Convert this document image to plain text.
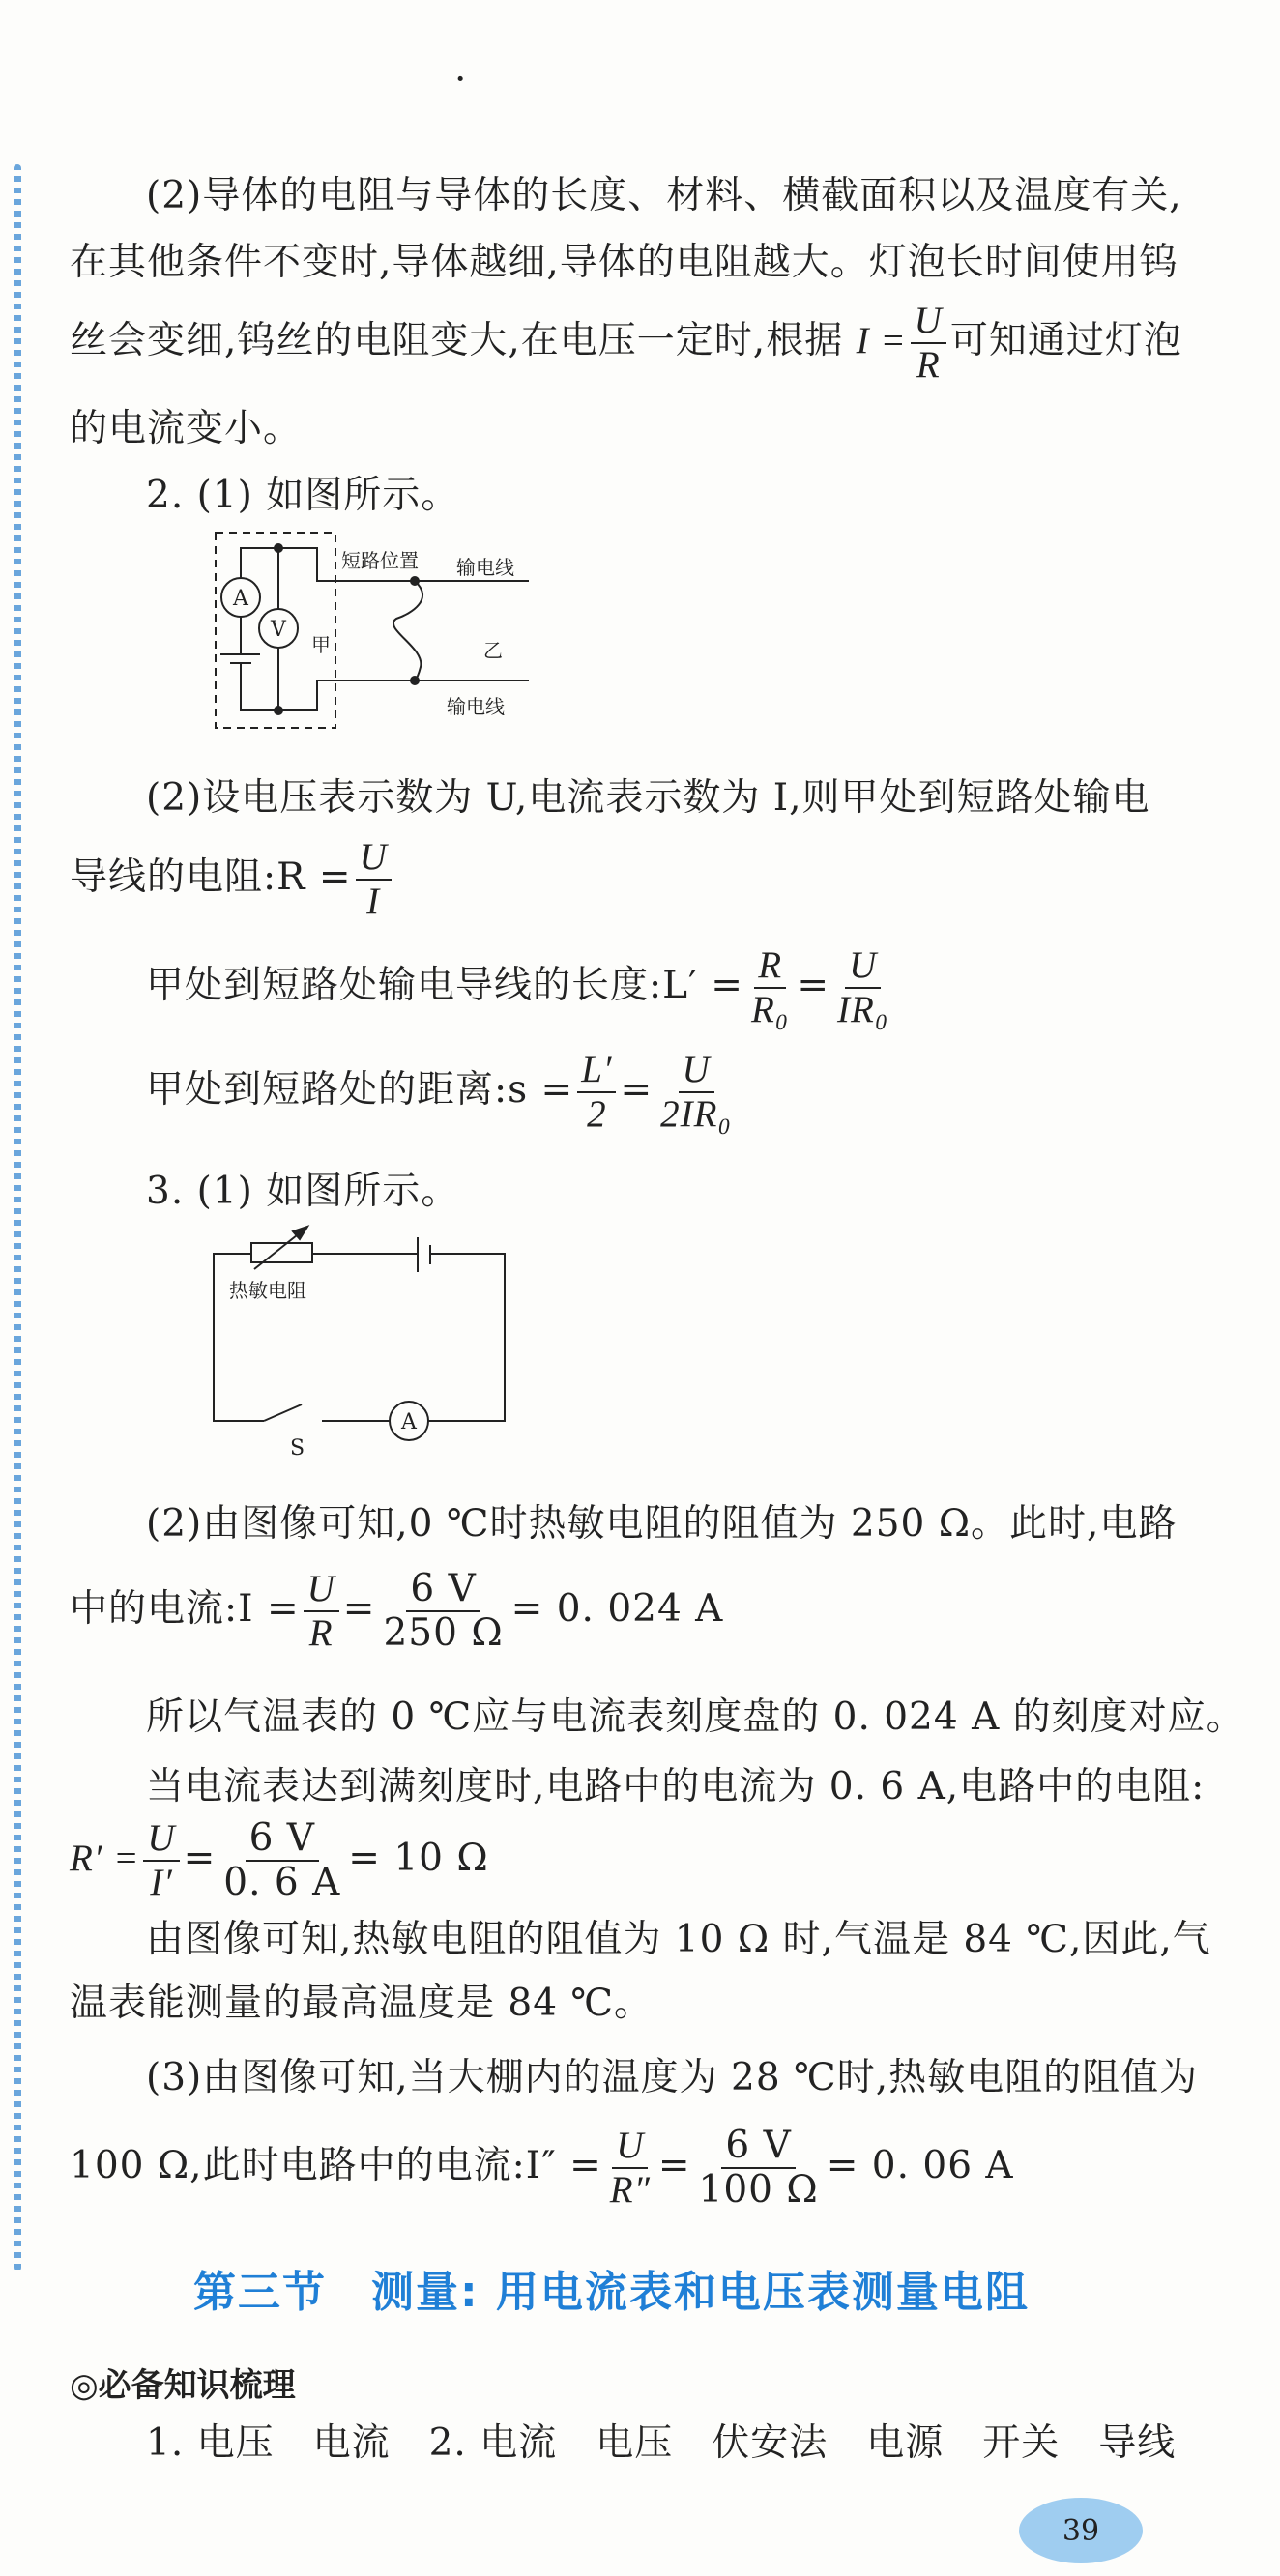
·
(2)导体的电阻与导体的长度、材料、横截面积以及温度有关,
在其他条件不变时,导体越细,导体的电阻越大。灯泡长时间使用钨
丝会变细,钨丝的电阻变大,在电压一定时,根据 $I = \frac{U}{R}$ 可知通过灯泡
的电流变小。
2. (1) 如图所示。
A
V
短路位置 输电线
甲	乙
输电线
(2)设电压表示数为 U,电流表示数为 I,则甲处到短路处输电
导线的电阻:R = $\frac{U}{I}$
甲处到短路处输电导线的长度:L′ = $\frac{R}{\text{R₀}} = \frac{U}{\text{IR₀}}$
甲处到短路处的距离:s = $\frac{L'}{2} = \frac{U}{\text{2IR₀}}$
3. (1) 如图所示。
热敏电阻
A
S
(2)由图像可知,0 ℃时热敏电阻的阻值为 250 Ω。此时,电路
中的电流:I = $\frac{U}{R} = \frac{6 V}{250 \Omega} = 0$. 024 A
所以气温表的 0 ℃应与电流表刻度盘的 0. 024 A 的刻度对应。
当电流表达到满刻度时,电路中的电流为 0. 6 A,电路中的电阻:
$R' = \frac{U}{I'} = \frac{6 V}{0. 6 A} = 10$ Ω
由图像可知,热敏电阻的阻值为 10 Ω 时,气温是 84 ℃,因此,气
温表能测量的最高温度是 84 ℃。
(3)由图像可知,当大棚内的温度为 28 ℃时,热敏电阻的阻值为
100 Ω,此时电路中的电流:I″ = $\frac{U}{R''} = \frac{6 V}{100 \Omega} = 0$. 06 A
第三节　测量: 用电流表和电压表测量电阻
◎必备知识梳理
1. 电压　电流　2. 电流　电压　伏安法　电源　开关　导线
39
